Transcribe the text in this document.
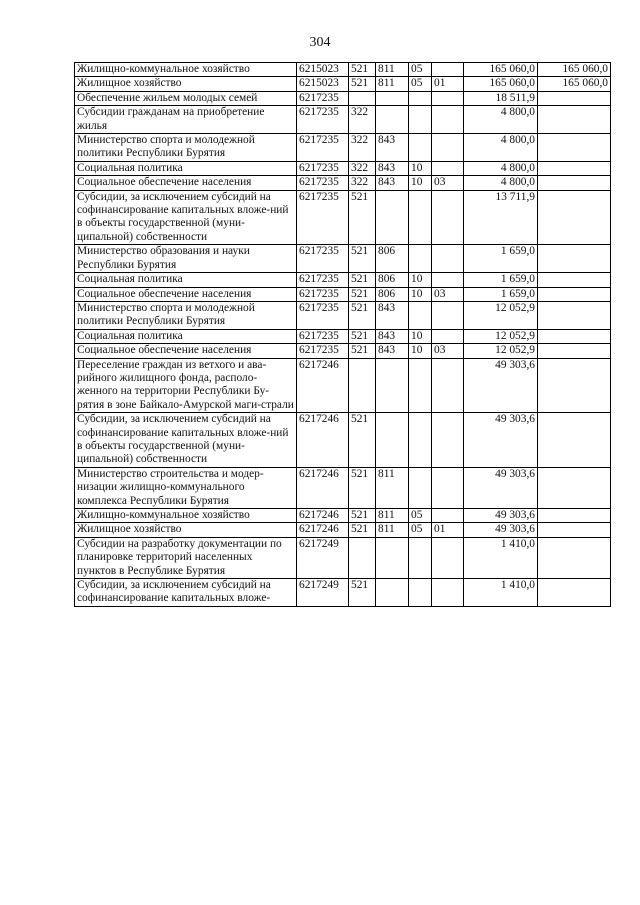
304
Жилищно-коммунальное хозяйство	6215023	521	811	05		165 060,0	165 060,0
Жилищное хозяйство	6215023	521	811	05	01	165 060,0	165 060,0
Обеспечение жильем молодых семей	6217235					18 511,9	
Субсидии гражданам на приобретение жилья	6217235	322				4 800,0	
Министерство спорта и молодежной политики Республики Бурятия	6217235	322	843			4 800,0	
Социальная политика	6217235	322	843	10		4 800,0	
Социальное обеспечение населения	6217235	322	843	10	03	4 800,0	
Субсидии, за исключением субсидий на софинансирование капитальных вложе-ний в объекты государственной (муни-ципальной) собственности	6217235	521				13 711,9	
Министерство образования и науки Республики Бурятия	6217235	521	806			1 659,0	
Социальная политика	6217235	521	806	10		1 659,0	
Социальное обеспечение населения	6217235	521	806	10	03	1 659,0	
Министерство спорта и молодежной политики Республики Бурятия	6217235	521	843			12 052,9	
Социальная политика	6217235	521	843	10		12 052,9	
Социальное обеспечение населения	6217235	521	843	10	03	12 052,9	
Переселение граждан из ветхого и ава-рийного жилищного фонда, располо-женного на территории Республики Бу-рятия в зоне Байкало-Амурской маги-страли	6217246					49 303,6	
Субсидии, за исключением субсидий на софинансирование капитальных вложе-ний в объекты государственной (муни-ципальной) собственности	6217246	521				49 303,6	
Министерство строительства и модер-низации жилищно-коммунального комплекса Республики Бурятия	6217246	521	811			49 303,6	
Жилищно-коммунальное хозяйство	6217246	521	811	05		49 303,6	
Жилищное хозяйство	6217246	521	811	05	01	49 303,6	
Субсидии на разработку документации по планировке территорий населенных пунктов в Республике Бурятия	6217249					1 410,0	
Субсидии, за исключением субсидий на софинансирование капитальных вложе-	6217249	521				1 410,0	
